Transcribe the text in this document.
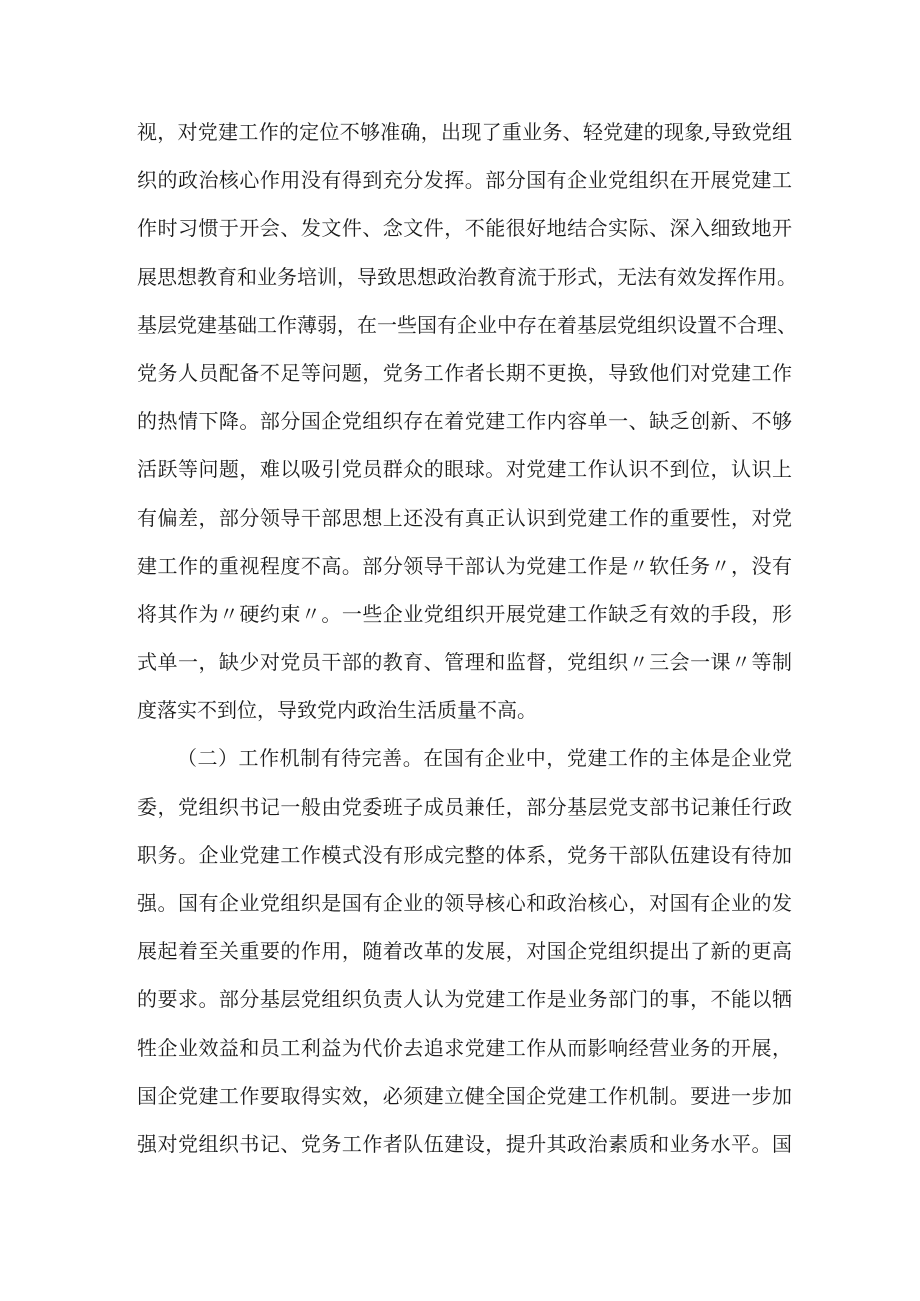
视，对党建工作的定位不够准确，出现了重业务、轻党建的现象,导致党组
织的政治核心作用没有得到充分发挥。部分国有企业党组织在开展党建工
作时习惯于开会、发文件、念文件，不能很好地结合实际、深入细致地开
展思想教育和业务培训，导致思想政治教育流于形式，无法有效发挥作用。
基层党建基础工作薄弱，在一些国有企业中存在着基层党组织设置不合理、
党务人员配备不足等问题，党务工作者长期不更换，导致他们对党建工作
的热情下降。部分国企党组织存在着党建工作内容单一、缺乏创新、不够
活跃等问题，难以吸引党员群众的眼球。对党建工作认识不到位，认识上
有偏差，部分领导干部思想上还没有真正认识到党建工作的重要性，对党
建工作的重视程度不高。部分领导干部认为党建工作是〃软任务〃，没有
将其作为〃硬约束〃。一些企业党组织开展党建工作缺乏有效的手段，形
式单一，缺少对党员干部的教育、管理和监督，党组织〃三会一课〃等制
度落实不到位，导致党内政治生活质量不高。
（二）工作机制有待完善。在国有企业中，党建工作的主体是企业党
委，党组织书记一般由党委班子成员兼任，部分基层党支部书记兼任行政
职务。企业党建工作模式没有形成完整的体系，党务干部队伍建设有待加
强。国有企业党组织是国有企业的领导核心和政治核心，对国有企业的发
展起着至关重要的作用，随着改革的发展，对国企党组织提出了新的更高
的要求。部分基层党组织负责人认为党建工作是业务部门的事，不能以牺
牲企业效益和员工利益为代价去追求党建工作从而影响经营业务的开展，
国企党建工作要取得实效，必须建立健全国企党建工作机制。要进一步加
强对党组织书记、党务工作者队伍建设，提升其政治素质和业务水平。国
